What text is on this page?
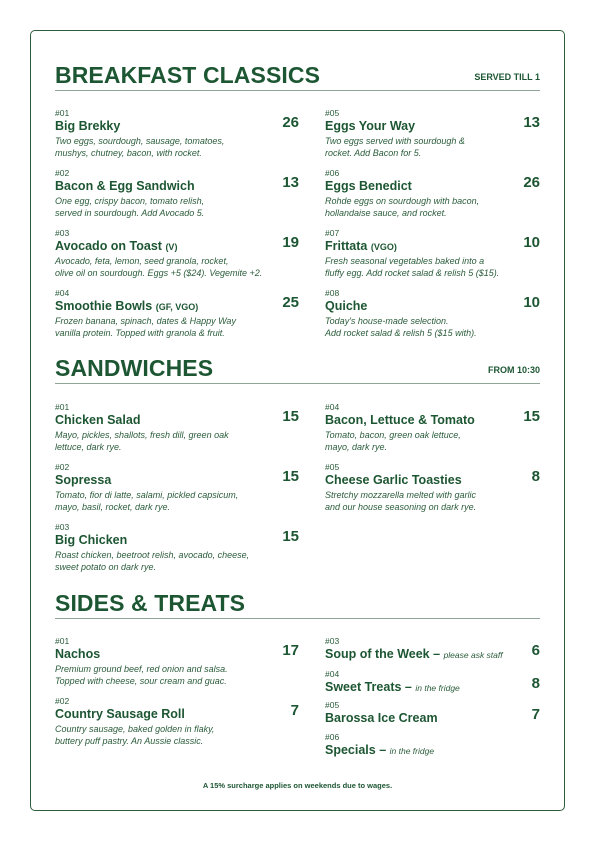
BREAKFAST CLASSICS	SERVED TILL 1
#01
Big Brekky	26
Two eggs, sourdough, sausage, tomatoes,
mushys, chutney, bacon, with rocket.
#02
Bacon & Egg Sandwich	13
One egg, crispy bacon, tomato relish,
served in sourdough. Add Avocado 5.
#03
Avocado on Toast (V)	19
Avocado, feta, lemon, seed granola, rocket,
olive oil on sourdough. Eggs +5 ($24). Vegemite +2.
#04
Smoothie Bowls (GF, VGO)	25
Frozen banana, spinach, dates & Happy Way
vanilla protein. Topped with granola & fruit.
#05
Eggs Your Way	13
Two eggs served with sourdough &
rocket. Add Bacon for 5.
#06
Eggs Benedict	26
Rohde eggs on sourdough with bacon,
hollandaise sauce, and rocket.
#07
Frittata (VGO)	10
Fresh seasonal vegetables baked into a
fluffy egg. Add rocket salad & relish 5 ($15).
#08
Quiche	10
Today's house-made selection.
Add rocket salad & relish 5 ($15 with).
SANDWICHES	FROM 10:30
#01
Chicken Salad	15
Mayo, pickles, shallots, fresh dill, green oak
lettuce, dark rye.
#02
Sopressa	15
Tomato, fior di latte, salami, pickled capsicum,
mayo, basil, rocket, dark rye.
#03
Big Chicken	15
Roast chicken, beetroot relish, avocado, cheese,
sweet potato on dark rye.
#04
Bacon, Lettuce & Tomato	15
Tomato, bacon, green oak lettuce,
mayo, dark rye.
#05
Cheese Garlic Toasties	8
Stretchy mozzarella melted with garlic
and our house seasoning on dark rye.
SIDES & TREATS
#01
Nachos	17
Premium ground beef, red onion and salsa.
Topped with cheese, sour cream and guac.
#02
Country Sausage Roll	7
Country sausage, baked golden in flaky,
buttery puff pastry. An Aussie classic.
#03
Soup of the Week – please ask staff 6
#04
Sweet Treats – in the fridge	8
#05
Barossa Ice Cream	7
#06
Specials – in the fridge
A 15% surcharge applies on weekends due to wages.
